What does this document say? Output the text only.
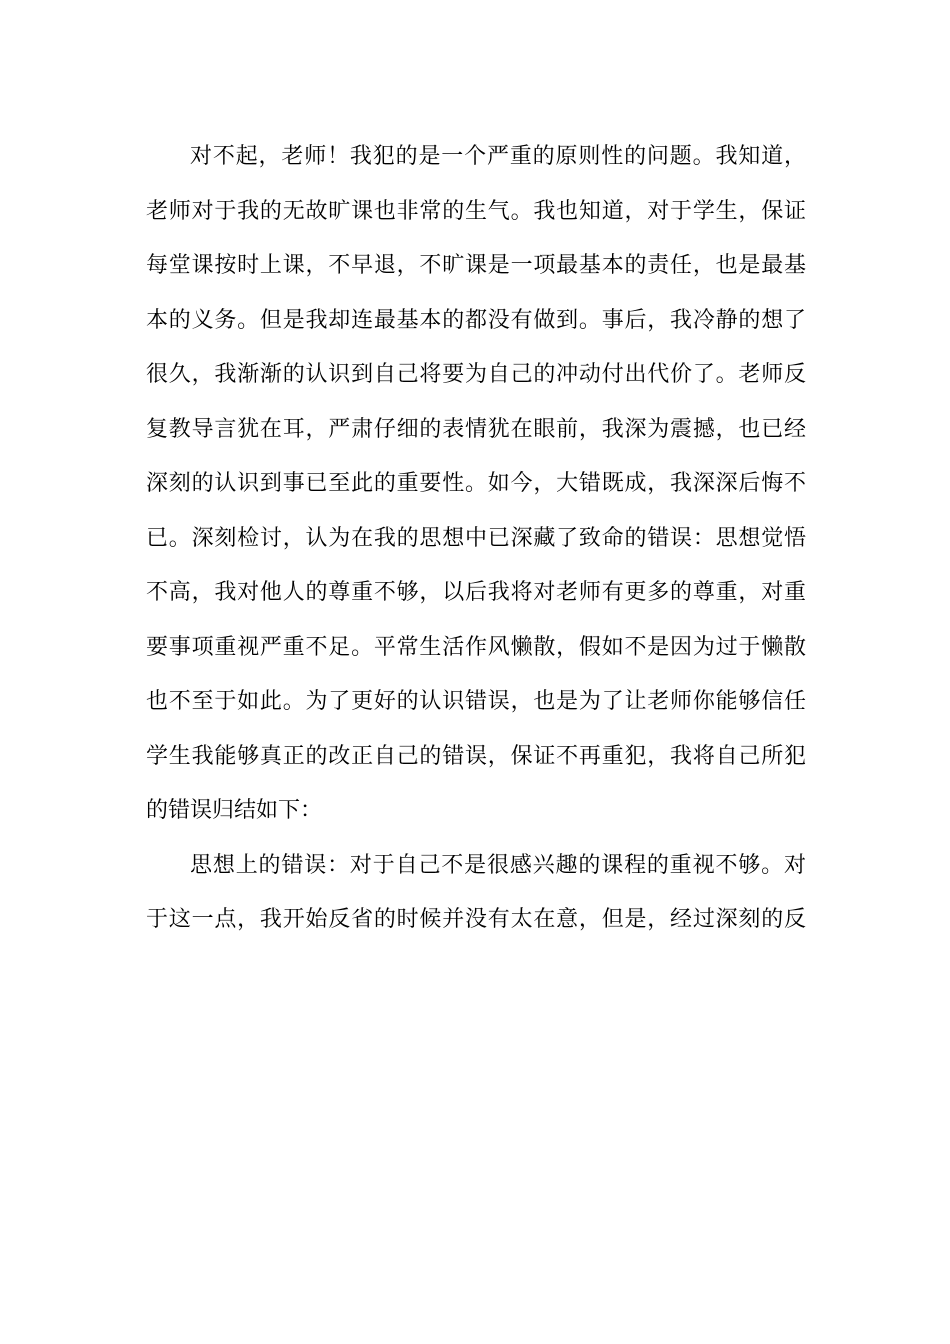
对不起，老师！我犯的是一个严重的原则性的问题。我知道，
老师对于我的无故旷课也非常的生气。我也知道，对于学生，保证
每堂课按时上课，不早退，不旷课是一项最基本的责任，也是最基
本的义务。但是我却连最基本的都没有做到。事后，我冷静的想了
很久，我渐渐的认识到自己将要为自己的冲动付出代价了。老师反
复教导言犹在耳，严肃仔细的表情犹在眼前，我深为震撼，也已经
深刻的认识到事已至此的重要性。如今，大错既成，我深深后悔不
已。深刻检讨，认为在我的思想中已深藏了致命的错误：思想觉悟
不高，我对他人的尊重不够，以后我将对老师有更多的尊重，对重
要事项重视严重不足。平常生活作风懒散，假如不是因为过于懒散
也不至于如此。为了更好的认识错误，也是为了让老师你能够信任
学生我能够真正的改正自己的错误，保证不再重犯，我将自己所犯
的错误归结如下：
思想上的错误：对于自己不是很感兴趣的课程的重视不够。对
于这一点，我开始反省的时候并没有太在意，但是，经过深刻的反
